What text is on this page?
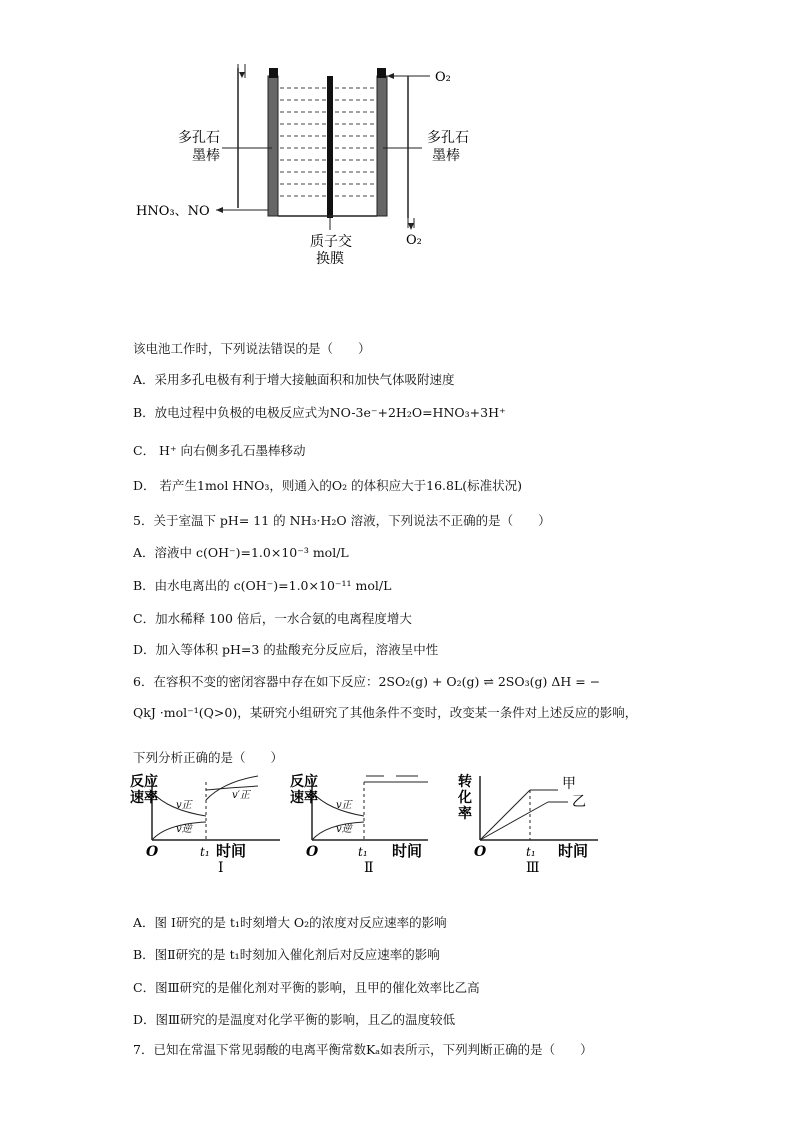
多孔石
墨棒
多孔石
墨棒
质子交
换膜
O₂
O₂
HNO₃、NO
该电池工作时，下列说法错误的是（　　）
A．采用多孔电极有利于增大接触面积和加快气体吸附速度
B．放电过程中负极的电极反应式为NO-3e⁻+2H₂O=HNO₃+3H⁺
C． H⁺ 向右侧多孔石墨棒移动
D． 若产生1mol HNO₃，则通入的O₂ 的体积应大于16.8L(标准状况)
5．关于室温下 pH= 11 的 NH₃·H₂O 溶液，下列说法不正确的是（　　）
A．溶液中 c(OH⁻)=1.0×10⁻³ mol/L
B．由水电离出的 c(OH⁻)=1.0×10⁻¹¹ mol/L
C．加水稀释 100 倍后，一水合氨的电离程度增大
D．加入等体积 pH=3 的盐酸充分反应后，溶液呈中性
6．在容积不变的密闭容器中存在如下反应：2SO₂(g) + O₂(g) ⇌ 2SO₃(g) ΔH = −
QkJ ·mol⁻¹(Q>0)，某研究小组研究了其他条件不变时，改变某一条件对上述反应的影响，
下列分析正确的是（　　）
反应
速率 v正
v逆
v′正
O	t₁ 时间
Ⅰ
反应
速率 v正
v逆
O	t₁ 时间
Ⅱ
转
化
率
甲
乙
O	t₁ 时间
Ⅲ
A．图 Ⅰ研究的是 t₁时刻增大 O₂的浓度对反应速率的影响
B．图Ⅱ研究的是 t₁时刻加入催化剂后对反应速率的影响
C．图Ⅲ研究的是催化剂对平衡的影响，且甲的催化效率比乙高
D．图Ⅲ研究的是温度对化学平衡的影响，且乙的温度较低
7．已知在常温下常见弱酸的电离平衡常数Kₐ如表所示，下列判断正确的是（　　）
